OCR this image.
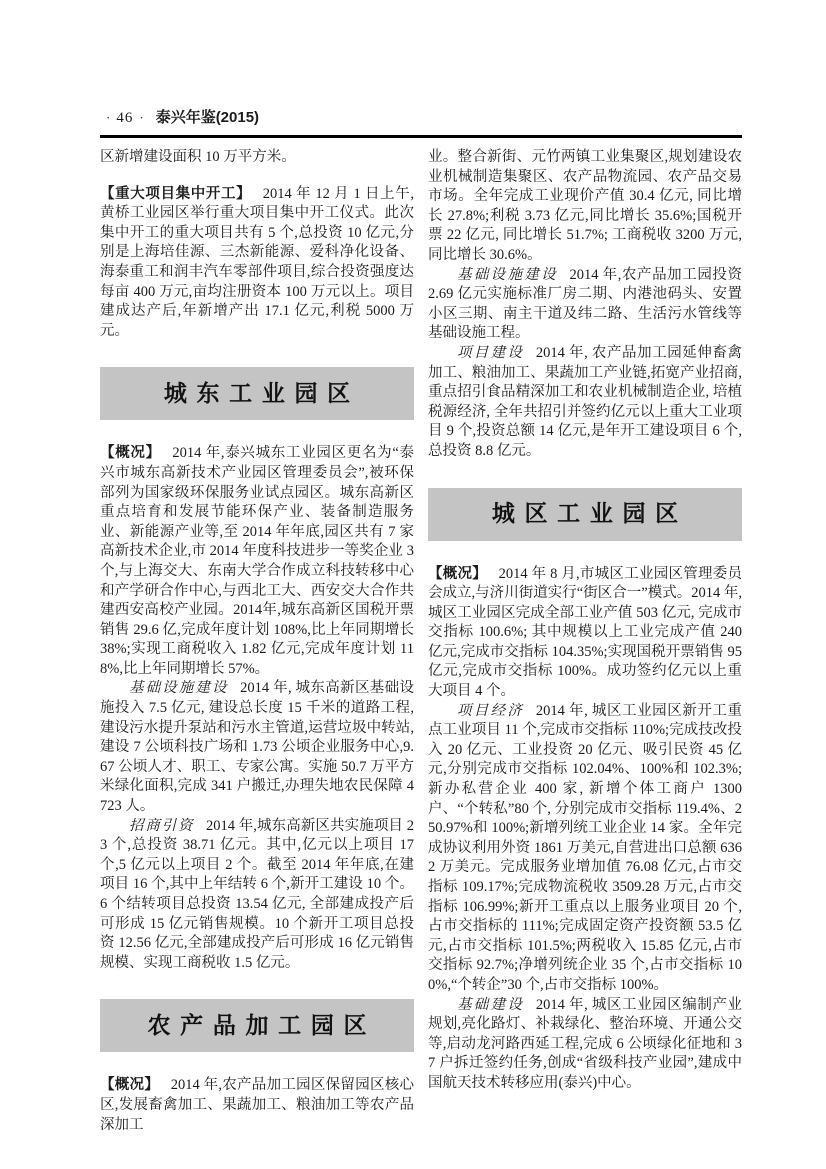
· 46 · 泰兴年鉴(2015)

区新增建设面积 10 万平方米。

【重大项目集中开工】 2014 年 12 月 1 日上午,黄桥工业园区举行重大项目集中开工仪式。此次集中开工的重大项目共有 5 个,总投资 10 亿元,分别是上海培佳源、三杰新能源、爱科净化设备、海泰重工和润丰汽车零部件项目,综合投资强度达每亩 400 万元,亩均注册资本 100 万元以上。项目建成达产后,年新增产出 17.1 亿元,利税 5000 万元。

城东工业园区

【概况】 2014 年,泰兴城东工业园区更名为“泰兴市城东高新技术产业园区管理委员会”,被环保部列为国家级环保服务业试点园区。城东高新区重点培育和发展节能环保产业、装备制造服务业、新能源产业等,至 2014 年年底,园区共有 7 家高新技术企业,市 2014 年度科技进步一等奖企业 3 个,与上海交大、东南大学合作成立科技转移中心和产学研合作中心,与西北工大、西安交大合作共建西安高校产业园。2014年,城东高新区国税开票销售 29.6 亿,完成年度计划 108%,比上年同期增长 38%;实现工商税收入 1.82 亿元,完成年度计划 118%,比上年同期增长 57%。

基础设施建设 2014 年, 城东高新区基础设施投入 7.5 亿元, 建设总长度 15 千米的道路工程,建设污水提升泵站和污水主管道,运营垃圾中转站,建设 7 公顷科技广场和 1.73 公顷企业服务中心,9.67 公顷人才、职工、专家公寓。实施 50.7 万平方米绿化面积,完成 341 户搬迁,办理失地农民保障 4723 人。

招商引资 2014 年,城东高新区共实施项目 23 个,总投资 38.71 亿元。其中,亿元以上项目 17 个,5 亿元以上项目 2 个。截至 2014 年年底,在建项目 16 个,其中上年结转 6 个,新开工建设 10 个。6 个结转项目总投资 13.54 亿元, 全部建成投产后可形成 15 亿元销售规模。10 个新开工项目总投资 12.56 亿元,全部建成投产后可形成 16 亿元销售规模、实现工商税收 1.5 亿元。

农产品加工园区

【概况】 2014 年,农产品加工园区保留园区核心区,发展畜禽加工、果蔬加工、粮油加工等农产品深加工

业。整合新街、元竹两镇工业集聚区,规划建设农业机械制造集聚区、农产品物流园、农产品交易市场。全年完成工业现价产值 30.4 亿元, 同比增长 27.8%;利税 3.73 亿元,同比增长 35.6%;国税开票 22 亿元, 同比增长 51.7%; 工商税收 3200 万元,同比增长 30.6%。

基础设施建设 2014 年,农产品加工园投资 2.69 亿元实施标准厂房二期、内港池码头、安置小区三期、南主干道及纬二路、生活污水管线等基础设施工程。

项目建设 2014 年, 农产品加工园延伸畜禽加工、粮油加工、果蔬加工产业链,拓宽产业招商,重点招引食品精深加工和农业机械制造企业, 培植税源经济, 全年共招引并签约亿元以上重大工业项目 9 个,投资总额 14 亿元,是年开工建设项目 6 个,总投资 8.8 亿元。

城区工业园区

【概况】 2014 年 8 月,市城区工业园区管理委员会成立,与济川街道实行“街区合一”模式。2014 年,城区工业园区完成全部工业产值 503 亿元, 完成市交指标 100.6%; 其中规模以上工业完成产值 240 亿元,完成市交指标 104.35%;实现国税开票销售 95 亿元,完成市交指标 100%。成功签约亿元以上重大项目 4 个。

项目经济 2014 年, 城区工业园区新开工重点工业项目 11 个,完成市交指标 110%;完成技改投入 20 亿元、工业投资 20 亿元、吸引民资 45 亿元,分别完成市交指标 102.04%、100%和 102.3%; 新办私营企业 400 家, 新增个体工商户 1300 户、“个转私”80 个, 分别完成市交指标 119.4%、250.97%和 100%;新增列统工业企业 14 家。全年完成协议利用外资 1861 万美元,自营进出口总额 6362 万美元。完成服务业增加值 76.08 亿元,占市交指标 109.17%;完成物流税收 3509.28 万元,占市交指标 106.99%;新开工重点以上服务业项目 20 个, 占市交指标的 111%;完成固定资产投资额 53.5 亿元,占市交指标 101.5%;两税收入 15.85 亿元,占市交指标 92.7%;净增列统企业 35 个,占市交指标 100%,“个转企”30 个,占市交指标 100%。

基础建设 2014 年, 城区工业园区编制产业规划,亮化路灯、补栽绿化、整治环境、开通公交等,启动龙河路西延工程,完成 6 公顷绿化征地和 37 户拆迁签约任务,创成“省级科技产业园”,建成中国航天技术转移应用(泰兴)中心。
